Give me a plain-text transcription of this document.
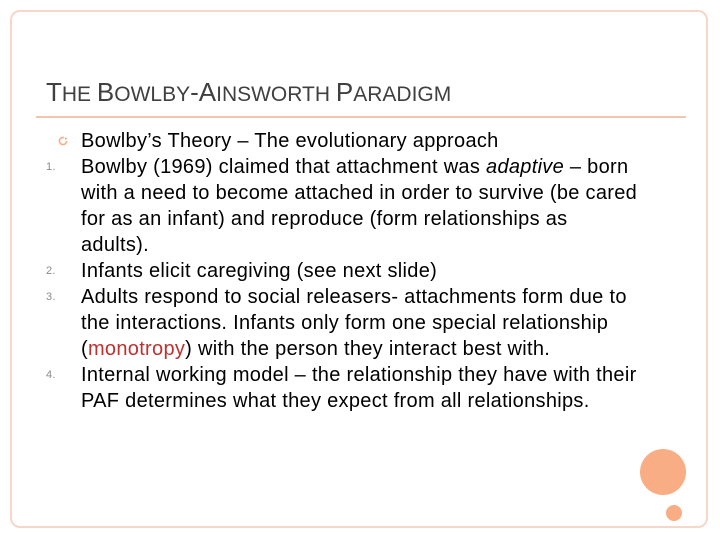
THE BOWLBY-AINSWORTH PARADIGM
Bowlby’s Theory – The evolutionary approach
1.	Bowlby (1969) claimed that attachment was adaptive – born with a need to become attached in order to survive (be cared for as an infant) and reproduce (form relationships as adults).
2.	Infants elicit caregiving (see next slide)
3.	Adults respond to social releasers- attachments form due to the interactions. Infants only form one special relationship (monotropy) with the person they interact best with.
4.	Internal working model – the relationship they have with their PAF determines what they expect from all relationships.
